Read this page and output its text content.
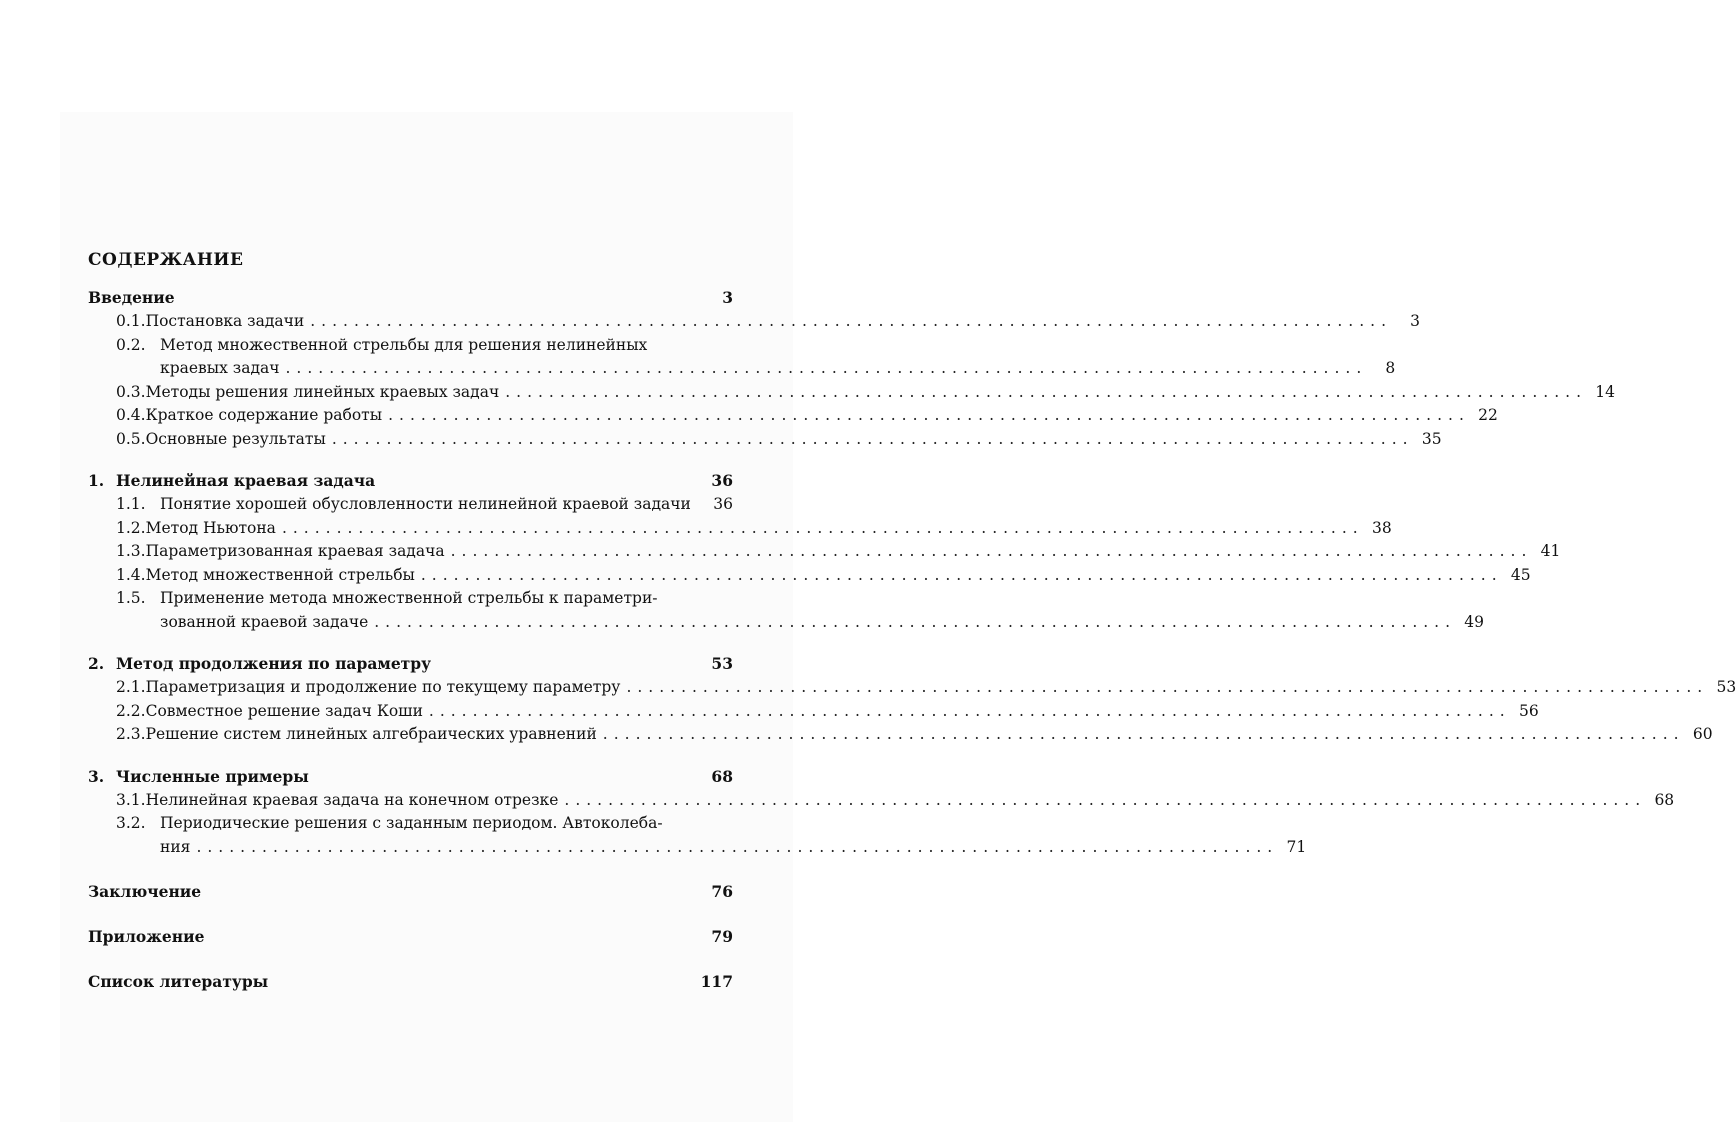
СОДЕРЖАНИЕ
Введение	3
0.1. Постановка задачи ...................................................................................................	3
0.2. Метод множественной стрельбы для решения нелинейных
краевых задач ...................................................................................................	8
0.3. Методы решения линейных краевых задач ................................................................................................... 14
0.4. Краткое содержание работы ................................................................................................... 22
0.5. Основные результаты ................................................................................................... 35
1. Нелинейная краевая задача	36
1.1. Понятие хорошей обусловленности нелинейной краевой задачи 36
1.2. Метод Ньютона ................................................................................................... 38
1.3. Параметризованная краевая задача ................................................................................................... 41
1.4. Метод множественной стрельбы ................................................................................................... 45
1.5. Применение метода множественной стрельбы к параметри-
зованной краевой задаче ................................................................................................... 49
2. Метод продолжения по параметру	53
2.1. Параметризация и продолжение по текущему параметру ................................................................................................... 53
2.2. Совместное решение задач Коши ................................................................................................... 56
2.3. Решение систем линейных алгебраических уравнений ................................................................................................... 60
3. Численные примеры	68
3.1. Нелинейная краевая задача на конечном отрезке ................................................................................................... 68
3.2. Периодические решения с заданным периодом. Автоколеба-
ния ................................................................................................... 71
Заключение	76
Приложение	79
Список литературы	117
